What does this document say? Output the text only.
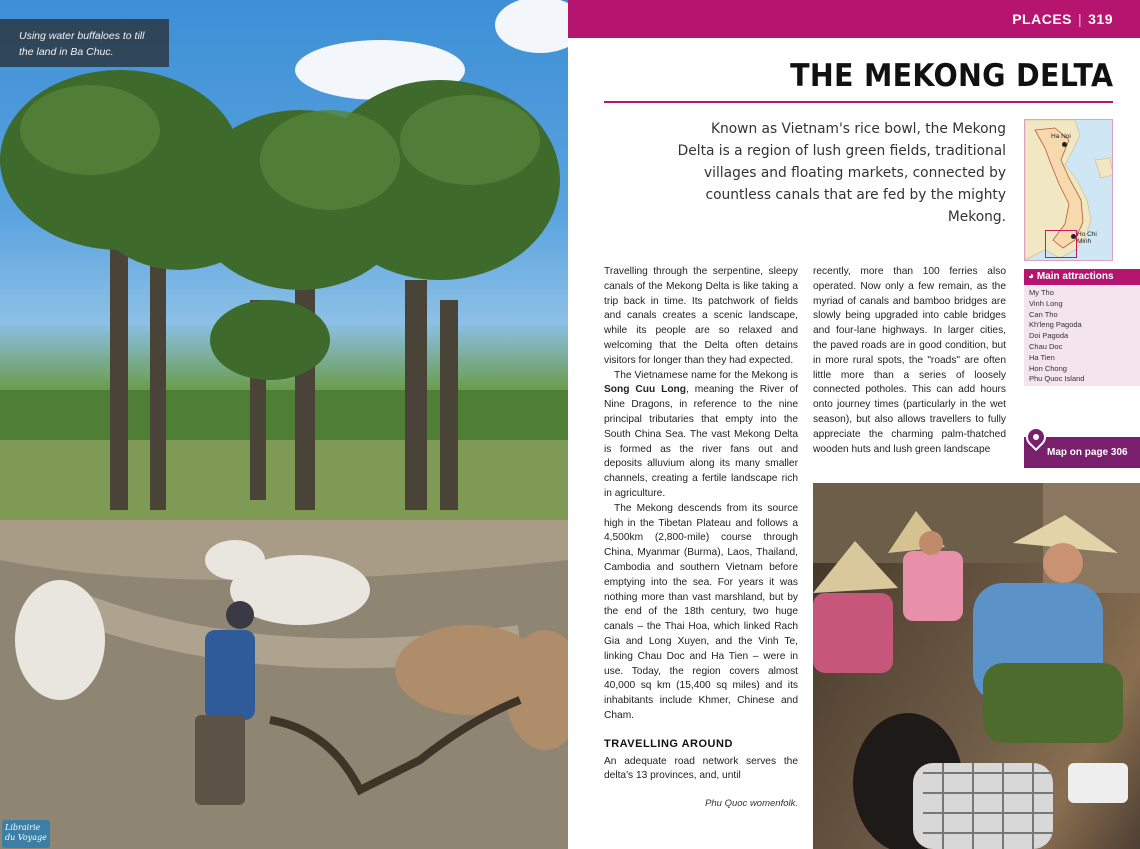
Using water buffaloes to till the land in Ba Chuc.
Librairie
du Voyage
PLACES | 319
THE MEKONG DELTA
Known as Vietnam's rice bowl, the Mekong Delta is a region of lush green fields, traditional villages and floating markets, connected by countless canals that are fed by the mighty Mekong.
Ha Noi
Ho Chi Minh
◕ Main attractions
My Tho
Vinh Long
Can Tho
Kh'leng Pagoda
Doi Pagoda
Chau Doc
Ha Tien
Hon Chong
Phu Quoc Island
Map on page 306

Travelling through the serpentine, sleepy canals of the Mekong Delta is like taking a trip back in time. Its patchwork of fields and canals creates a scenic landscape, while its people are so relaxed and welcoming that the Delta often detains visitors for longer than they had expected.

The Vietnamese name for the Mekong is Song Cuu Long, meaning the River of Nine Dragons, in reference to the nine principal tributaries that empty into the South China Sea. The vast Mekong Delta is formed as the river fans out and deposits alluvium along its many smaller channels, creating a fertile landscape rich in agriculture.

The Mekong descends from its source high in the Tibetan Plateau and follows a 4,500km (2,800-mile) course through China, Myanmar (Burma), Laos, Thailand, Cambodia and southern Vietnam before emptying into the sea. For years it was nothing more than vast marshland, but by the end of the 18th century, two huge canals – the Thai Hoa, which linked Rach Gia and Long Xuyen, and the Vinh Te, linking Chau Doc and Ha Tien – were in use. Today, the region covers almost 40,000 sq km (15,400 sq miles) and its inhabitants include Khmer, Chinese and Cham.

TRAVELLING AROUND

An adequate road network serves the delta's 13 provinces, and, until

recently, more than 100 ferries also operated. Now only a few remain, as the myriad of canals and bamboo bridges are slowly being upgraded into cable bridges and four-lane highways. In larger cities, the paved roads are in good condition, but in more rural spots, the "roads" are often little more than a series of loosely connected potholes. This can add hours onto journey times (particularly in the wet season), but also allows travellers to fully appreciate the charming palm-thatched wooden huts and lush green landscape

Phu Quoc womenfolk.
